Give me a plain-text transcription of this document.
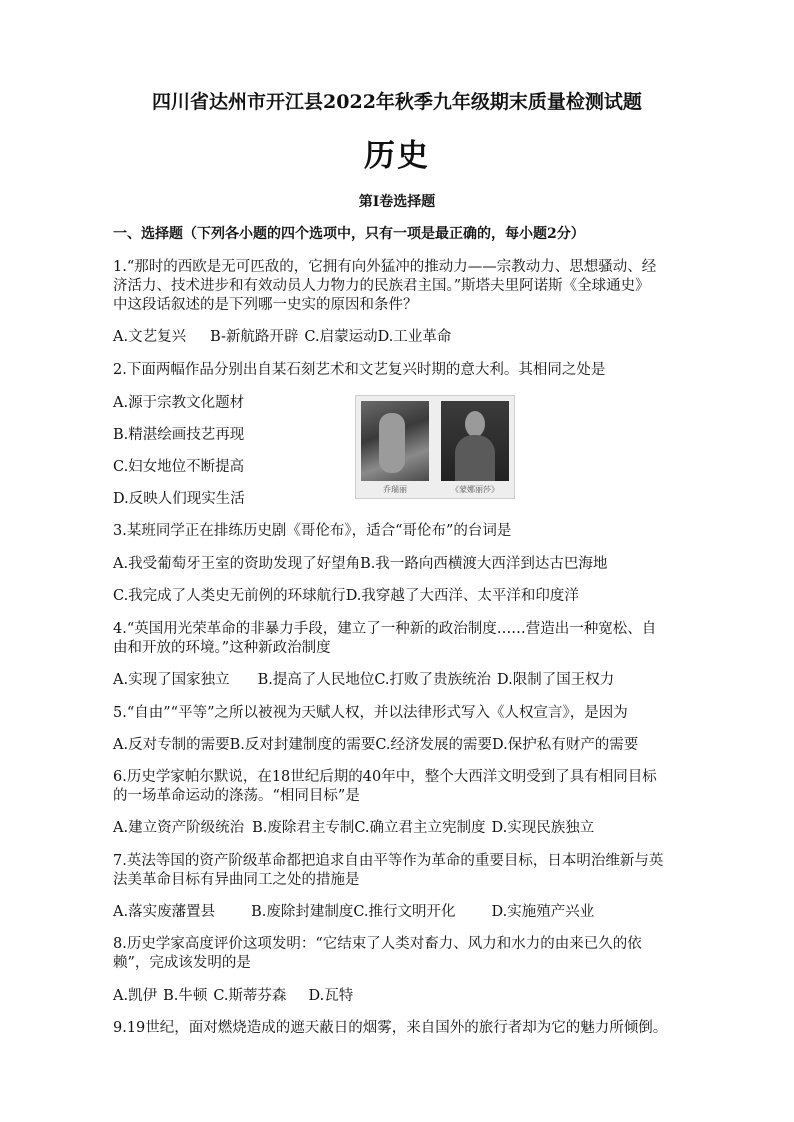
四川省达州市开江县2022年秋季九年级期末质量检测试题
历史
第Ⅰ卷选择题
一、选择题（下列各小题的四个选项中，只有一项是最正确的，每小题2分）
1.“那时的西欧是无可匹敌的，它拥有向外猛冲的推动力——宗教动力、思想骚动、经
济活力、技术进步和有效动员人力物力的民族君主国。”斯塔夫里阿诺斯《全球通史》
中这段话叙述的是下列哪一史实的原因和条件？
A.文艺复兴 B-新航路开辟 C.启蒙运动D.工业革命
2.下面两幅作品分别出自某石刻艺术和文艺复兴时期的意大利。其相同之处是
A.源于宗教文化题材
B.精湛绘画技艺再现
C.妇女地位不断提高
D.反映人们现实生活
乔瑞丽	《蒙娜丽莎》
3.某班同学正在排练历史剧《哥伦布》，适合“哥伦布”的台词是
A.我受葡萄牙王室的资助发现了好望角B.我一路向西横渡大西洋到达古巴海地
C.我完成了人类史无前例的环球航行D.我穿越了大西洋、太平洋和印度洋
4.“英国用光荣革命的非暴力手段，建立了一种新的政治制度……营造出一种宽松、自
由和开放的环境。”这种新政治制度
A.实现了国家独立 B.提高了人民地位C.打败了贵族统治 D.限制了国王权力
5.“自由”“平等”之所以被视为天赋人权，并以法律形式写入《人权宣言》，是因为
A.反对专制的需要B.反对封建制度的需要C.经济发展的需要D.保护私有财产的需要
6.历史学家帕尔默说，在18世纪后期的40年中，整个大西洋文明受到了具有相同目标
的一场革命运动的涤荡。“相同目标”是
A.建立资产阶级统治 B.废除君主专制C.确立君主立宪制度 D.实现民族独立
7.英法等国的资产阶级革命都把追求自由平等作为革命的重要目标，日本明治维新与英
法美革命目标有异曲同工之处的措施是
A.落实废藩置县 B.废除封建制度C.推行文明开化 D.实施殖产兴业
8.历史学家高度评价这项发明：“它结束了人类对畜力、风力和水力的由来已久的依
赖”，完成该发明的是
A.凯伊 B.牛顿 C.斯蒂芬森 D.瓦特
9.19世纪，面对燃烧造成的遮天蔽日的烟雾，来自国外的旅行者却为它的魅力所倾倒。
